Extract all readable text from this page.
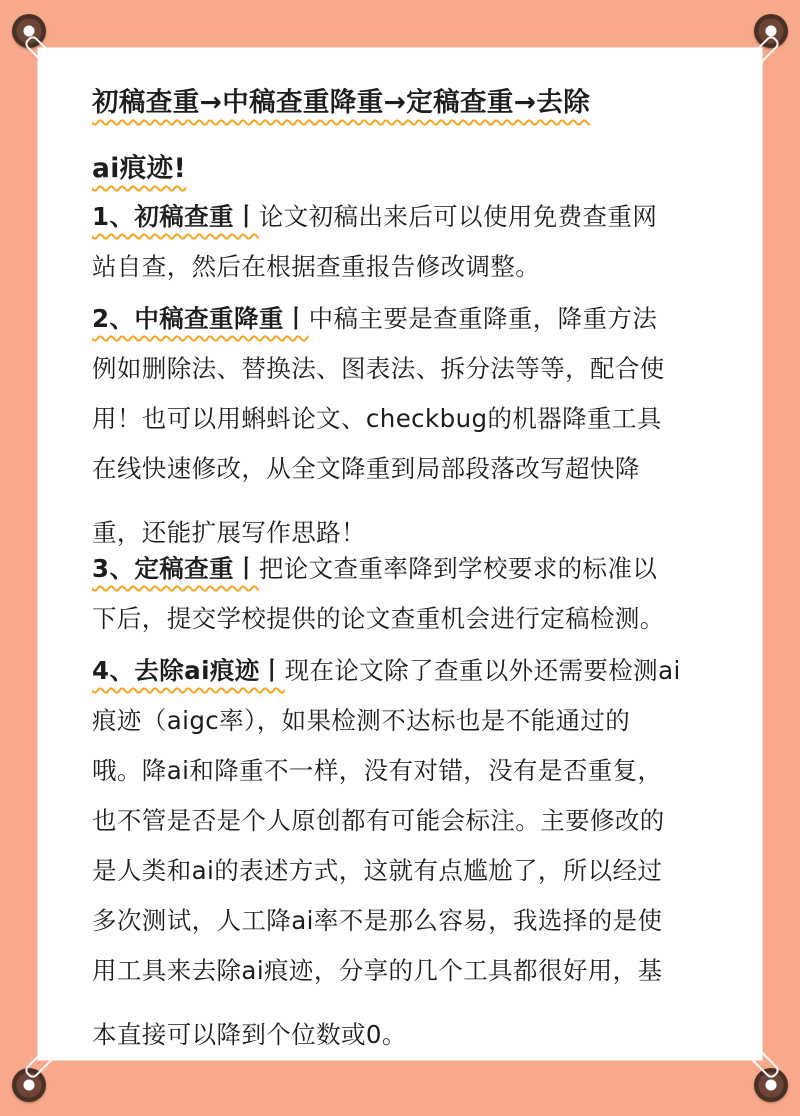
初稿查重→中稿查重降重→定稿查重→去除
ai痕迹!
1、初稿查重丨论文初稿出来后可以使用免费查重网
站自查，然后在根据查重报告修改调整。
2、中稿查重降重丨中稿主要是查重降重，降重方法
例如删除法、替换法、图表法、拆分法等等，配合使
用！也可以用蝌蚪论文、checkbug的机器降重工具
在线快速修改，从全文降重到局部段落改写超快降
重，还能扩展写作思路！
3、定稿查重丨把论文查重率降到学校要求的标准以
下后，提交学校提供的论文查重机会进行定稿检测。
4、去除ai痕迹丨现在论文除了查重以外还需要检测ai
痕迹（aigc率），如果检测不达标也是不能通过的
哦。降ai和降重不一样，没有对错，没有是否重复，
也不管是否是个人原创都有可能会标注。主要修改的
是人类和ai的表述方式，这就有点尴尬了，所以经过
多次测试，人工降ai率不是那么容易，我选择的是使
用工具来去除ai痕迹，分享的几个工具都很好用，基
本直接可以降到个位数或0。
